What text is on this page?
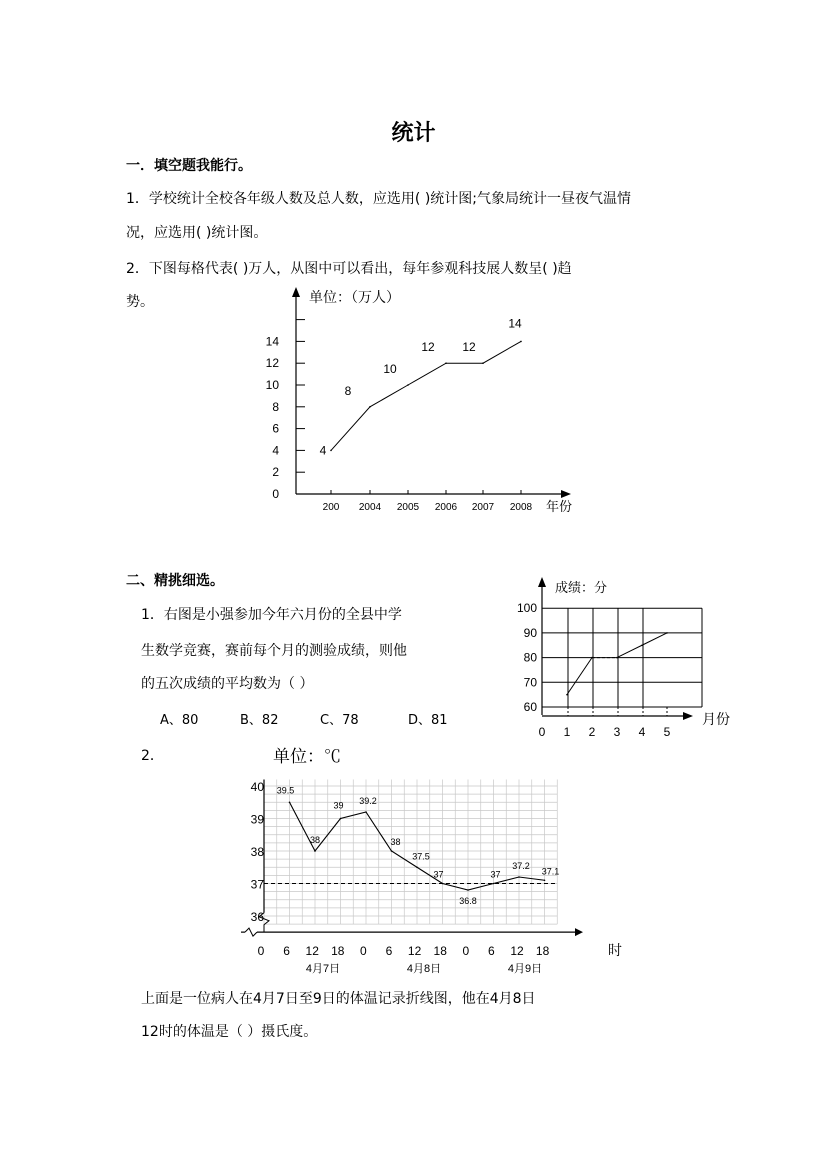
统计
一．填空题我能行。
1．学校统计全校各年级人数及总人数，应选用( )统计图;气象局统计一昼夜气温情
况，应选用( )统计图。
2．下图每格代表( )万人，从图中可以看出，每年参观科技展人数呈( )趋
势。
0
2
4
6
8
10
12
14
200 2004 2005 2006 2007 2008
单位：（万人）
年份
4
8
10
12 12
14
二、精挑细选。
1．右图是小强参加今年六月份的全县中学
生数学竞赛，赛前每个月的测验成绩，则他
的五次成绩的平均数为（ ）
A、80	B、82	C、78	D、81
60
70
80
90
100
0 1 2 3 4 5
成绩：分
月份
2．
36
37
38
39
40
0 6 12 18 0 6 12 18 0 6 12 18
4月7日	4月8日	4月9日
单位：℃
时
39.5
38
39 39.2
38
37.5
37
36.8
37
37.2
37.1
上面是一位病人在4月7日至9日的体温记录折线图，他在4月8日
12时的体温是（ ）摄氏度。
